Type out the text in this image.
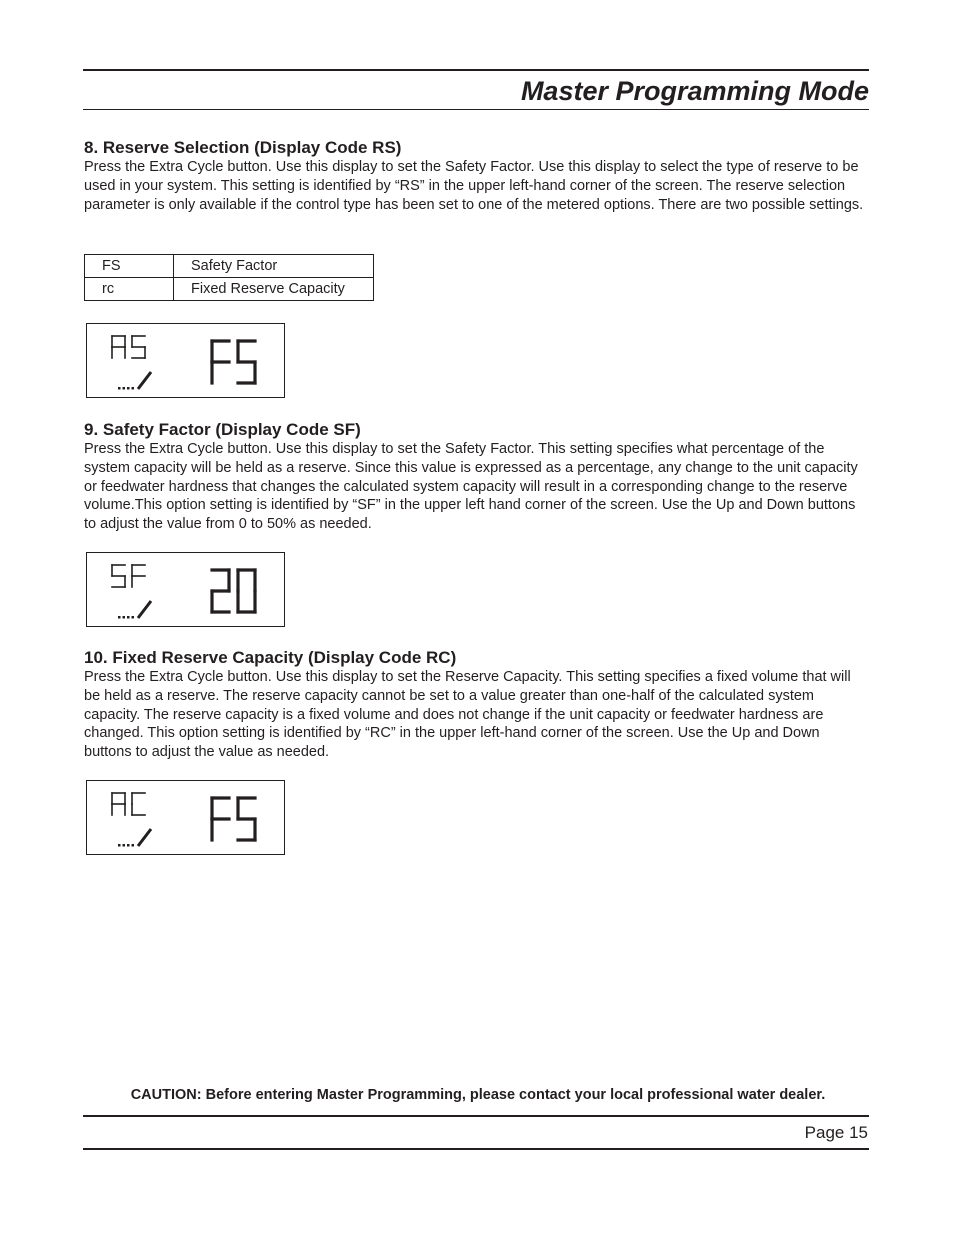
Master Programming Mode
8. Reserve Selection (Display Code RS)

Press the Extra Cycle button. Use this display to set the Safety Factor. Use this display to select the type of reserve to be used in your system. This setting is identified by “RS” in the upper left-hand corner of the screen. The reserve selection parameter is only available if the control type has been set to one of the metered options. There are two possible settings.

FS	Safety Factor
rc	Fixed Reserve Capacity
9. Safety Factor (Display Code SF)

Press the Extra Cycle button. Use this display to set the Safety Factor. This setting specifies what percentage of the system capacity will be held as a reserve. Since this value is expressed as a percentage, any change to the unit capacity or feedwater hardness that changes the calculated system capacity will result in a corresponding change to the reserve volume.This option setting is identified by “SF” in the upper left hand corner of the screen. Use the Up and Down buttons to adjust the value from 0 to 50% as needed.

10. Fixed Reserve Capacity (Display Code RC)

Press the Extra Cycle button. Use this display to set the Reserve Capacity. This setting specifies a fixed volume that will be held as a reserve. The reserve capacity cannot be set to a value greater than one-half of the calculated system capacity. The reserve capacity is a fixed volume and does not change if the unit capacity or feedwater hardness are changed. This option setting is identified by “RC” in the upper left-hand corner of the screen. Use the Up and Down buttons to adjust the value as needed.

CAUTION: Before entering Master Programming, please contact your local professional water dealer.
Page 15
